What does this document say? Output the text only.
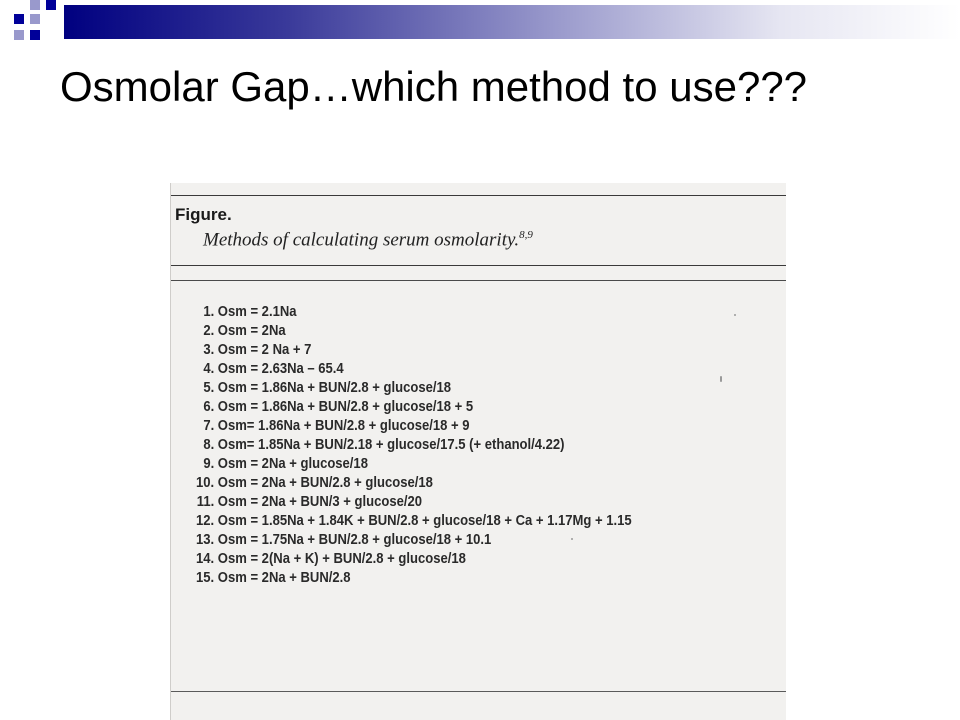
Osmolar Gap…which method to use???
Figure.
Methods of calculating serum osmolarity.$^{8,9}$
1. Osm = 2.1Na
2. Osm = 2Na
3. Osm = 2 Na + 7
4. Osm = 2.63Na – 65.4
5. Osm = 1.86Na + BUN/2.8 + glucose/18
6. Osm = 1.86Na + BUN/2.8 + glucose/18 + 5
7. Osm= 1.86Na + BUN/2.8 + glucose/18 + 9
8. Osm= 1.85Na + BUN/2.18 + glucose/17.5 (+ ethanol/4.22)
9. Osm = 2Na + glucose/18
10. Osm = 2Na + BUN/2.8 + glucose/18
11. Osm = 2Na + BUN/3 + glucose/20
12. Osm = 1.85Na + 1.84K + BUN/2.8 + glucose/18 + Ca + 1.17Mg + 1.15
13. Osm = 1.75Na + BUN/2.8 + glucose/18 + 10.1
14. Osm = 2(Na + K) + BUN/2.8 + glucose/18
15. Osm = 2Na + BUN/2.8
